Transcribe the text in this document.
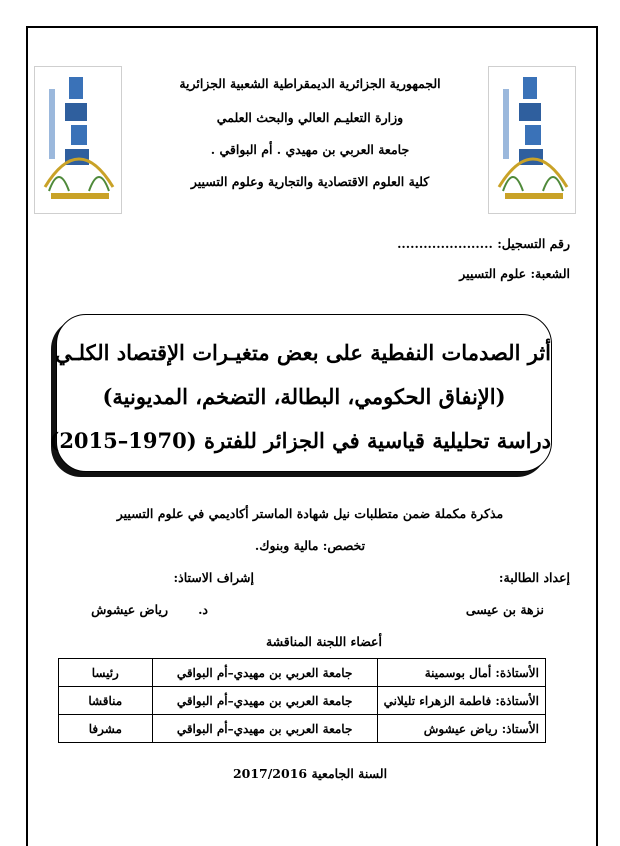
الجمهورية الجزائرية الديمقراطية الشعبية الجزائرية
وزارة التعليـم العالي والبحث العلمي
جامعة العربي بن مهيدي . أم البواقي .
كلية العلوم الاقتصادية والتجارية وعلوم التسيير
رقم التسجيل: ......................
الشعبة: علوم التسيير
أثر الصدمات النفطية على بعض متغيـرات الإقتصاد الكلـي
(الإنفاق الحكومي، البطالة، التضخم، المديونية)
دراسة تحليلية قياسية في الجزائر للفترة (1970–2015)
مذكرة مكملة ضمن متطلبات نيل شهادة الماستر أكاديمي في علوم التسيير
تخصص: مالية وبنوك.
إعداد الطالبة:
إشراف الاستاذ:
نزهة بن عيسى
د.
رياض عيشوش
أعضاء اللجنة المناقشة
الأستاذة: أمال بوسمينة	جامعة العربي بن مهيدي–أم البواقي	رئيسا
الأستاذة: فاطمة الزهراء تليلاني	جامعة العربي بن مهيدي–أم البواقي	مناقشا
الأستاذ: رياض عيشوش	جامعة العربي بن مهيدي–أم البواقي	مشرفا
السنة الجامعية 2017/2016
